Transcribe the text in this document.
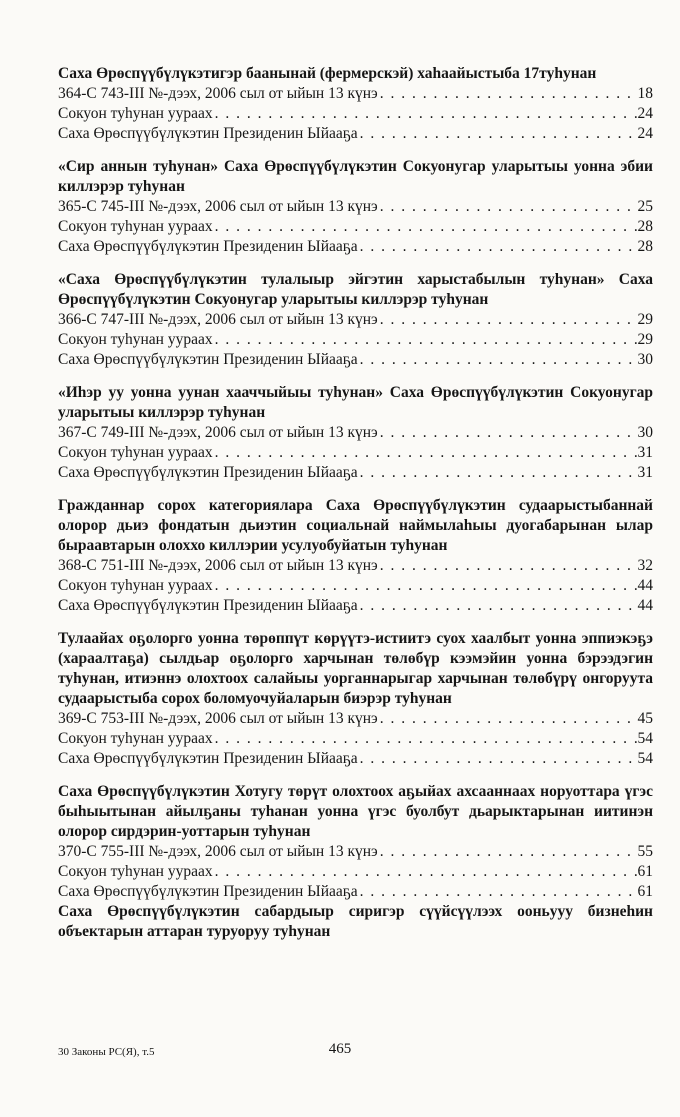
Саха Өрөспүүбүлүкэтигэр баанынай (фермерскэй) хаhаайыстыба 17туhунан
364-С 743-III №-дээх, 2006 сыл от ыйын 13 күнэ . . .	18
Сокуон туhунан уураах . . .	24
Саха Өрөспүүбүлүкэтин Президенин Ыйааҕа . . .	24
«Сир аннын туhунан» Саха Өрөспүүбүлүкэтин Сокуонугар уларытыы уонна эбии киллэрэр туhунан
365-С 745-III №-дээх, 2006 сыл от ыйын 13 күнэ . . .	25
Сокуон туhунан уураах . . .	28
Саха Өрөспүүбүлүкэтин Президенин Ыйааҕа . . .	28
«Саха Өрөспүүбүлүкэтин тулалыыр эйгэтин харыстабылын туhунан» Саха Өрөспүүбүлүкэтин Сокуонугар уларытыы киллэрэр туhунан
366-С 747-III №-дээх, 2006 сыл от ыйын 13 күнэ . . .	29
Сокуон туhунан уураах . . .	29
Саха Өрөспүүбүлүкэтин Президенин Ыйааҕа . . .	30
«Иhэр уу уонна уунан хааччыйыы туhунан» Саха Өрөспүүбүлүкэтин Сокуонугар уларытыы киллэрэр туhунан
367-С 749-III №-дээх, 2006 сыл от ыйын 13 күнэ . . .	30
Сокуон туhунан уураах . . .	31
Саха Өрөспүүбүлүкэтин Президенин Ыйааҕа . . .	31
Гражданнар сорох категориялара Саха Өрөспүүбүлүкэтин судаарыстыбаннай олорор дьиэ фондатын дьиэтин социальнай наймылаhыы дуогабарынан ылар быраавтарын олоххо киллэрии усулуобуйатын туhунан
368-С 751-III №-дээх, 2006 сыл от ыйын 13 күнэ . . .	32
Сокуон туhунан уураах . . .	44
Саха Өрөспүүбүлүкэтин Президенин Ыйааҕа . . .	44
Тулаайах оҕолорго уонна төрөппүт көрүүтэ-истиитэ суох хаалбыт уонна эппиэкэҕэ (хараалтаҕа) сылдьар оҕолорго харчынан төлөбүр кээмэйин уонна бэрээдэгин туhунан, итиэннэ олохтоох салайыы уорганнарыгар харчынан төлөбүрү онгоруута судаарыстыба сорох боломуочуйаларын биэрэр туhунан
369-С 753-III №-дээх, 2006 сыл от ыйын 13 күнэ . . .	45
Сокуон туhунан уураах . . .	54
Саха Өрөспүүбүлүкэтин Президенин Ыйааҕа . . .	54
Саха Өрөспүүбүлүкэтин Хотугу төрүт олохтоох аҕыйах ахсааннаах норуоттара үгэс быhыытынан айылҕаны туhанан уонна үгэс буолбут дьарыктарынан иитинэн олорор сирдэрин-уоттарын туhунан
370-С 755-III №-дээх, 2006 сыл от ыйын 13 күнэ . . .	55
Сокуон туhунан уураах . . .	61
Саха Өрөспүүбүлүкэтин Президенин Ыйааҕа . . .	61
Саха Өрөспүүбүлүкэтин сабардыыр сиригэр сүүйсүүлээх ооньууу бизнеhин объектарын аттаран туруоруу туhунан
30 Законы РС(Я), т.5	465
